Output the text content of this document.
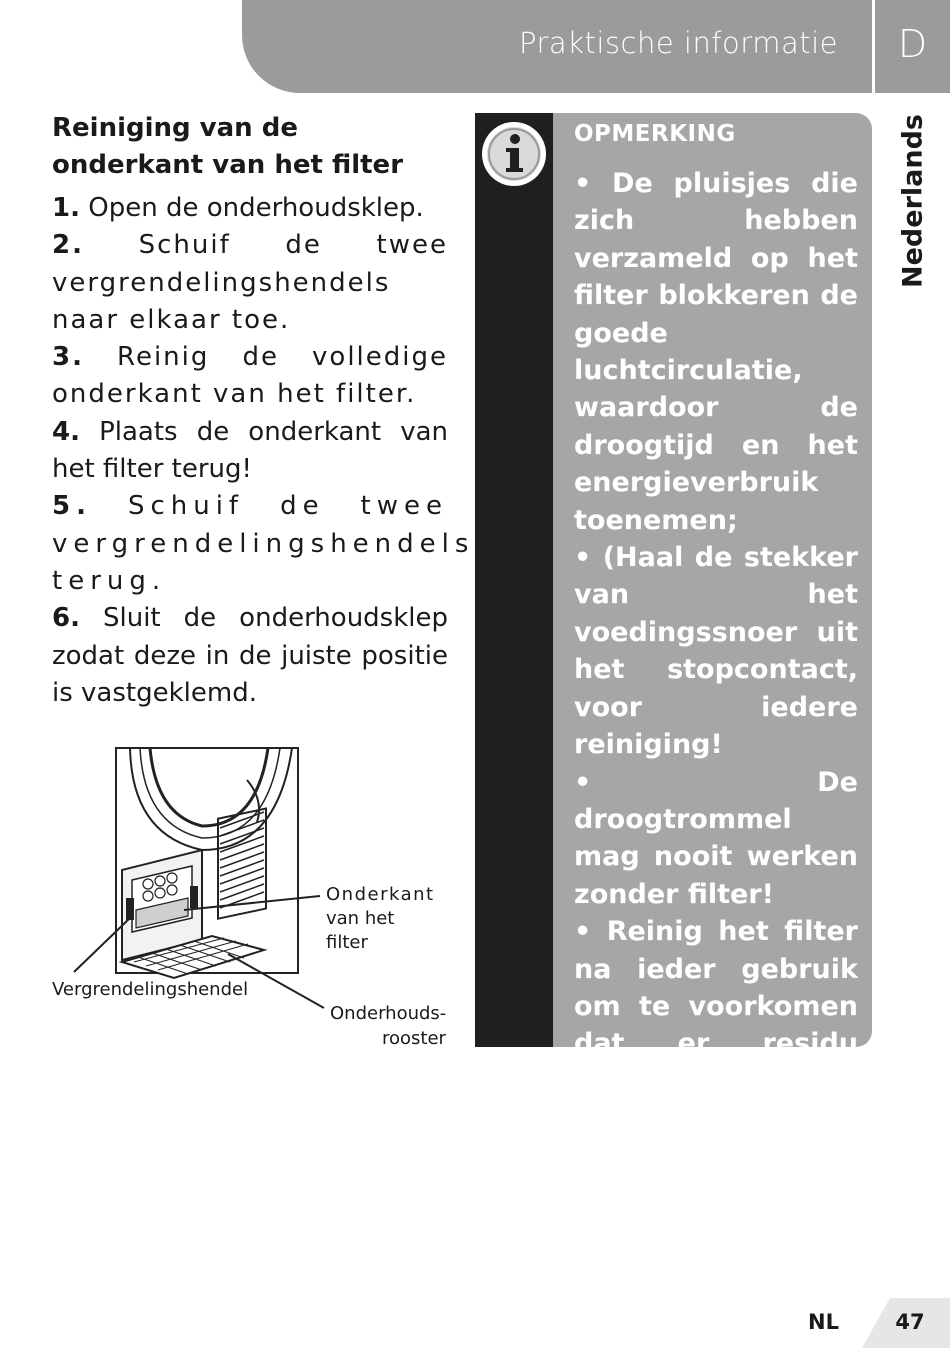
Praktische informatie	D
Nederlands
Reiniging van de onderkant van het filter
1. Open de onderhoudsklep.
2. Schuif de twee vergrendelingshendels naar elkaar toe.
3. Reinig de volledige onderkant van het filter.
4. Plaats de onderkant van het filter terug!
5. Schuif de twee vergrendelingshendels terug.
6. Sluit de onderhoudsklep zodat deze in de juiste positie is vastgeklemd.
Onderkant
van het
filter
Vergrendelingshendel
Onderhouds-
rooster
OPMERKING
• De pluisjes die zich hebben verzameld op het filter blokkeren de goede luchtcirculatie, waardoor de droogtijd en het energieverbruik toenemen;
• (Haal de stekker van het voedingssnoer uit het stopcontact, voor iedere reiniging!
• De droogtrommel mag nooit werken zonder filter!
• Reinig het filter na ieder gebruik om te voorkomen dat er residu ophoopt in de machine.
NL	47
